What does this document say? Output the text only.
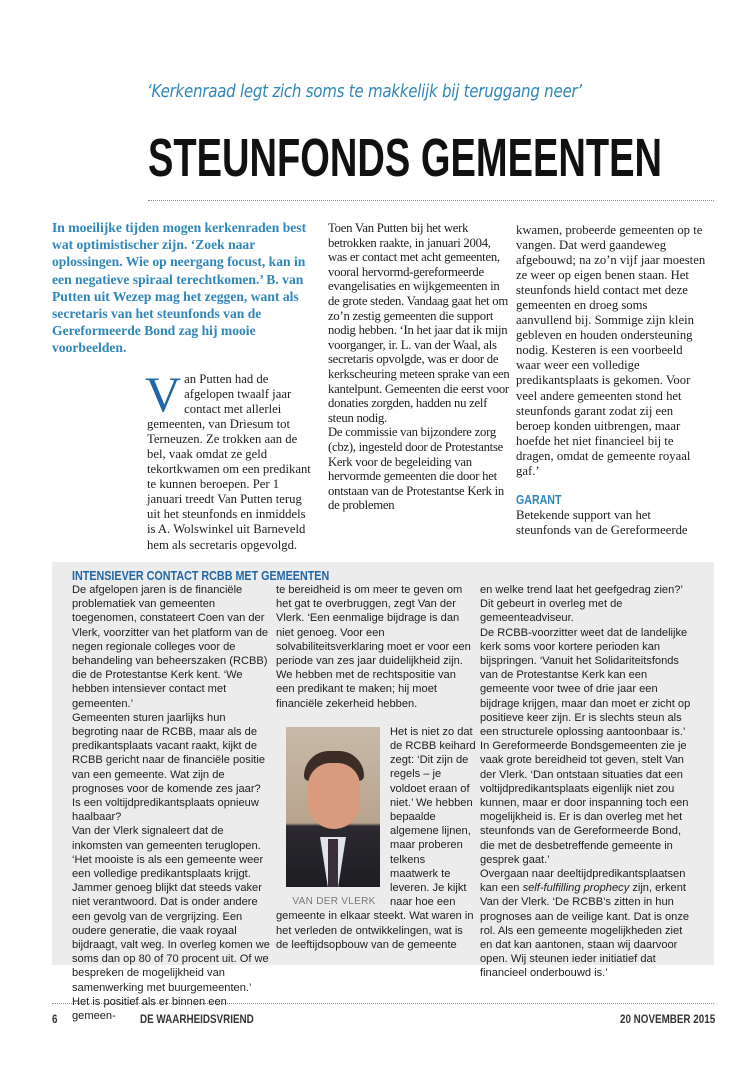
‘Kerkenraad legt zich soms te makkelijk bij teruggang neer’
STEUNFONDS GEMEENTEN
In moeilijke tijden mogen kerkenraden best wat optimistischer zijn. ‘Zoek naar oplossingen. Wie op neergang focust, kan in een negatieve spiraal terechtkomen.’ B. van Putten uit Wezep mag het zeggen, want als secretaris van het steunfonds van de Gereformeerde Bond zag hij mooie voorbeelden.
V an Putten had de afgelopen twaalf jaar contact met allerlei gemeenten, van Driesum tot Terneuzen. Ze trokken aan de bel, vaak omdat ze geld tekortkwamen om een predikant te kunnen beroepen. Per 1 januari treedt Van Putten terug uit het steunfonds en inmiddels is A. Wolswinkel uit Barneveld hem als secretaris opgevolgd.

Toen Van Putten bij het werk betrokken raakte, in januari 2004, was er contact met acht gemeenten, vooral hervormd-gereformeerde evangelisaties en wijkgemeenten in de grote steden. Vandaag gaat het om zo’n zestig gemeenten die support nodig hebben. ‘In het jaar dat ik mijn voorganger, ir. L. van der Waal, als secretaris opvolgde, was er door de kerkscheuring meteen sprake van een kantelpunt. Gemeenten die eerst voor donaties zorgden, hadden nu zelf steun nodig.

De commissie van bijzondere zorg (cbz), ingesteld door de Protestantse Kerk voor de begeleiding van hervormde gemeenten die door het ontstaan van de Protestantse Kerk in de problemen

kwamen, probeerde gemeenten op te vangen. Dat werd gaandeweg afgebouwd; na zo’n vijf jaar moesten ze weer op eigen benen staan. Het steunfonds hield contact met deze gemeenten en droeg soms aanvullend bij. Sommige zijn klein gebleven en houden ondersteuning nodig. Kesteren is een voorbeeld waar weer een volledige predikantsplaats is gekomen. Voor veel andere gemeenten stond het steunfonds garant zodat zij een beroep konden uitbrengen, maar hoefde het niet financieel bij te dragen, omdat de gemeente royaal gaf.’

GARANT

Betekende support van het steunfonds van de Gereformeerde

INTENSIEVER CONTACT RCBB MET GEMEENTEN

De afgelopen jaren is de financiële problematiek van gemeenten toegenomen, constateert Coen van der Vlerk, voorzitter van het platform van de negen regionale colleges voor de behandeling van beheerszaken (RCBB) die de Protestantse Kerk kent. ‘We hebben intensiever contact met gemeenten.’

Gemeenten sturen jaarlijks hun begroting naar de RCBB, maar als de predikantsplaats vacant raakt, kijkt de RCBB gericht naar de financiële positie van een gemeente. Wat zijn de prognoses voor de komende zes jaar? Is een voltijdpredikantsplaats opnieuw haalbaar?

Van der Vlerk signaleert dat de inkomsten van gemeenten teruglopen. ‘Het mooiste is als een gemeente weer een volledige predikantsplaats krijgt. Jammer genoeg blijkt dat steeds vaker niet verantwoord. Dat is onder andere een gevolg van de vergrijzing. Een oudere generatie, die vaak royaal bijdraagt, valt weg. In overleg komen we soms dan op 80 of 70 procent uit. Of we bespreken de mogelijkheid van samenwerking met buurgemeenten.’

Het is positief als er binnen een gemeen-

te bereidheid is om meer te geven om het gat te overbruggen, zegt Van der Vlerk. ‘Een eenmalige bijdrage is dan niet genoeg. Voor een solvabiliteitsverklaring moet er voor een periode van zes jaar duidelijkheid zijn. We hebben met de rechtspositie van een predikant te maken; hij moet financiële zekerheid hebben.

VAN DER VLERK
Het is niet zo dat de RCBB keihard zegt: ‘Dit zijn de regels – je voldoet eraan of niet.’ We hebben bepaalde algemene lijnen, maar proberen telkens maatwerk te leveren. Je kijkt naar hoe een gemeente in elkaar steekt. Wat waren in het verleden de ontwikkelingen, wat is de leeftijdsopbouw van de gemeente

en welke trend laat het geefgedrag zien?’ Dit gebeurt in overleg met de gemeenteadviseur.

De RCBB-voorzitter weet dat de landelijke kerk soms voor kortere perioden kan bijspringen. ‘Vanuit het Solidariteitsfonds van de Protestantse Kerk kan een gemeente voor twee of drie jaar een bijdrage krijgen, maar dan moet er zicht op positieve keer zijn. Er is slechts steun als een structurele oplossing aantoonbaar is.’

In Gereformeerde Bondsgemeenten zie je vaak grote bereidheid tot geven, stelt Van der Vlerk. ‘Dan ontstaan situaties dat een voltijdpredikantsplaats eigenlijk niet zou kunnen, maar er door inspanning toch een mogelijkheid is. Er is dan overleg met het steunfonds van de Gereformeerde Bond, die met de desbetreffende gemeente in gesprek gaat.’

Overgaan naar deeltijdpredikantsplaatsen kan een self-fulfilling prophecy zijn, erkent Van der Vlerk. ‘De RCBB’s zitten in hun prognoses aan de veilige kant. Dat is onze rol. Als een gemeente mogelijkheden ziet en dat kan aantonen, staan wij daarvoor open. Wij steunen ieder initiatief dat financieel onderbouwd is.’

6	DE WAARHEIDSVRIEND	20 NOVEMBER 2015
